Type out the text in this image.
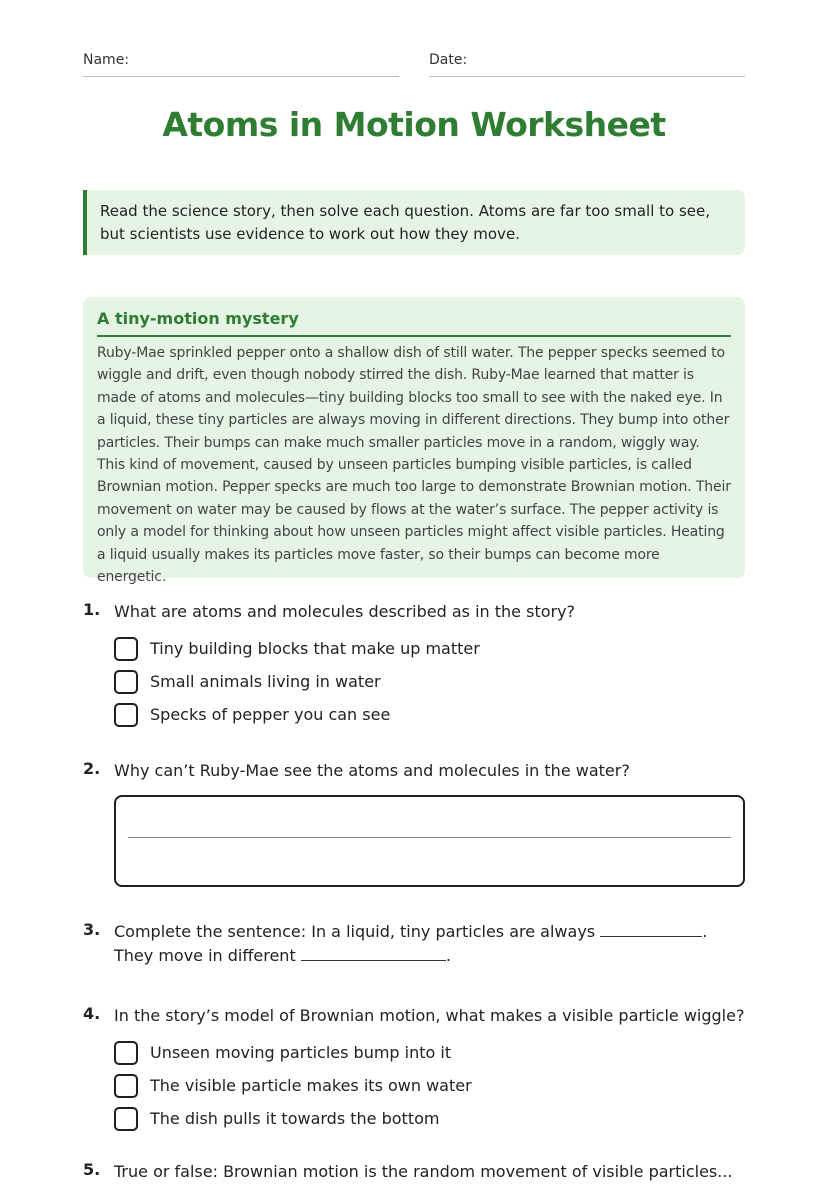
Name:	Date:
Atoms in Motion Worksheet
Read the science story, then solve each question. Atoms are far too small to see, but scientists use evidence to work out how they move.
A tiny-motion mystery
Ruby-Mae sprinkled pepper onto a shallow dish of still water. The pepper specks seemed to wiggle and drift, even though nobody stirred the dish. Ruby-Mae learned that matter is made of atoms and molecules—tiny building blocks too small to see with the naked eye. In a liquid, these tiny particles are always moving in different directions. They bump into other particles. Their bumps can make much smaller particles move in a random, wiggly way. This kind of movement, caused by unseen particles bumping visible particles, is called Brownian motion. Pepper specks are much too large to demonstrate Brownian motion. Their movement on water may be caused by flows at the water’s surface. The pepper activity is only a model for thinking about how unseen particles might affect visible particles. Heating a liquid usually makes its particles move faster, so their bumps can become more energetic.
1. What are atoms and molecules described as in the story?
Tiny building blocks that make up matter
Small animals living in water
Specks of pepper you can see
2. Why can’t Ruby-Mae see the atoms and molecules in the water?
3. Complete the sentence: In a liquid, tiny particles are always	. They move in different	.
4. In the story’s model of Brownian motion, what makes a visible particle wiggle?
Unseen moving particles bump into it
The visible particle makes its own water
The dish pulls it towards the bottom
5. True or false: Brownian motion is the random movement of visible particles...
